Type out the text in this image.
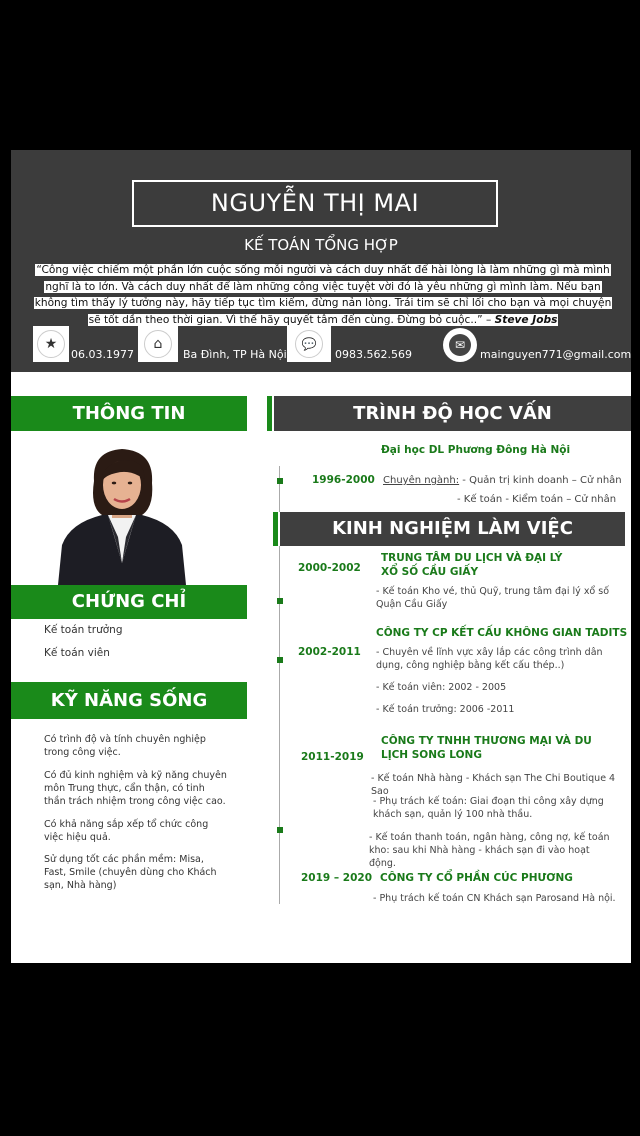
NGUYỄN THỊ MAI
KẾ TOÁN TỔNG HỢP
“Công việc chiếm một phần lớn cuộc sống mỗi người và cách duy nhất để hài lòng là làm những gì mà mình nghĩ là to lớn. Và cách duy nhất để làm những công việc tuyệt vời đó là yêu những gì mình làm. Nếu bạn không tìm thấy lý tưởng này, hãy tiếp tục tìm kiếm, đừng nản lòng. Trái tim sẽ chỉ lối cho bạn và mọi chuyện sẽ tốt dần theo thời gian. Vì thế hãy quyết tâm đến cùng. Đừng bỏ cuộc..” – Steve Jobs
★
06.03.1977
⌂
Ba Đình, TP Hà Nội
💬
0983.562.569
✉
mainguyen771@gmail.com
THÔNG TIN
CHỨNG CHỈ
Kế toán trưởng
Kế toán viên
KỸ NĂNG SỐNG
Có trình độ và tính chuyên nghiệp trong công việc.
Có đủ kinh nghiệm và kỹ năng chuyên môn Trung thực, cẩn thận, có tinh thần trách nhiệm trong công việc cao.
Có khả năng sắp xếp tổ chức công việc hiệu quả.
Sử dụng tốt các phần mềm: Misa, Fast, Smile (chuyên dùng cho Khách sạn, Nhà hàng)
TRÌNH ĐỘ HỌC VẤN
Đại học DL Phương Đông Hà Nội
1996-2000 Chuyên ngành: - Quản trị kinh doanh – Cử nhân
- Kế toán - Kiểm toán – Cử nhân
KINH NGHIỆM LÀM VIỆC
2000-2002
TRUNG TÂM DU LỊCH VÀ ĐẠI LÝ XỔ SỐ CẦU GIẤY
- Kế toán Kho vé, thủ Quỹ, trung tâm đại lý xổ số Quận Cầu Giấy
2002-2011
CÔNG TY CP KẾT CẤU KHÔNG GIAN TADITS
- Chuyên về lĩnh vực xây lắp các công trình dân dụng, công nghiệp bằng kết cấu thép..)
- Kế toán viên: 2002 - 2005
- Kế toán trưởng: 2006 -2011
2011-2019
CÔNG TY TNHH THƯƠNG MẠI VÀ DU LỊCH SONG LONG
- Kế toán Nhà hàng - Khách sạn The Chi Boutique 4 Sao
- Phụ trách kế toán: Giai đoạn thi công xây dựng khách sạn, quản lý 100 nhà thầu.
- Kế toán thanh toán, ngân hàng, công nợ, kế toán kho: sau khi Nhà hàng - khách sạn đi vào hoạt động.
2019 – 2020 CÔNG TY CỔ PHẦN CÚC PHƯƠNG
- Phụ trách kế toán CN Khách sạn Parosand Hà nội.
